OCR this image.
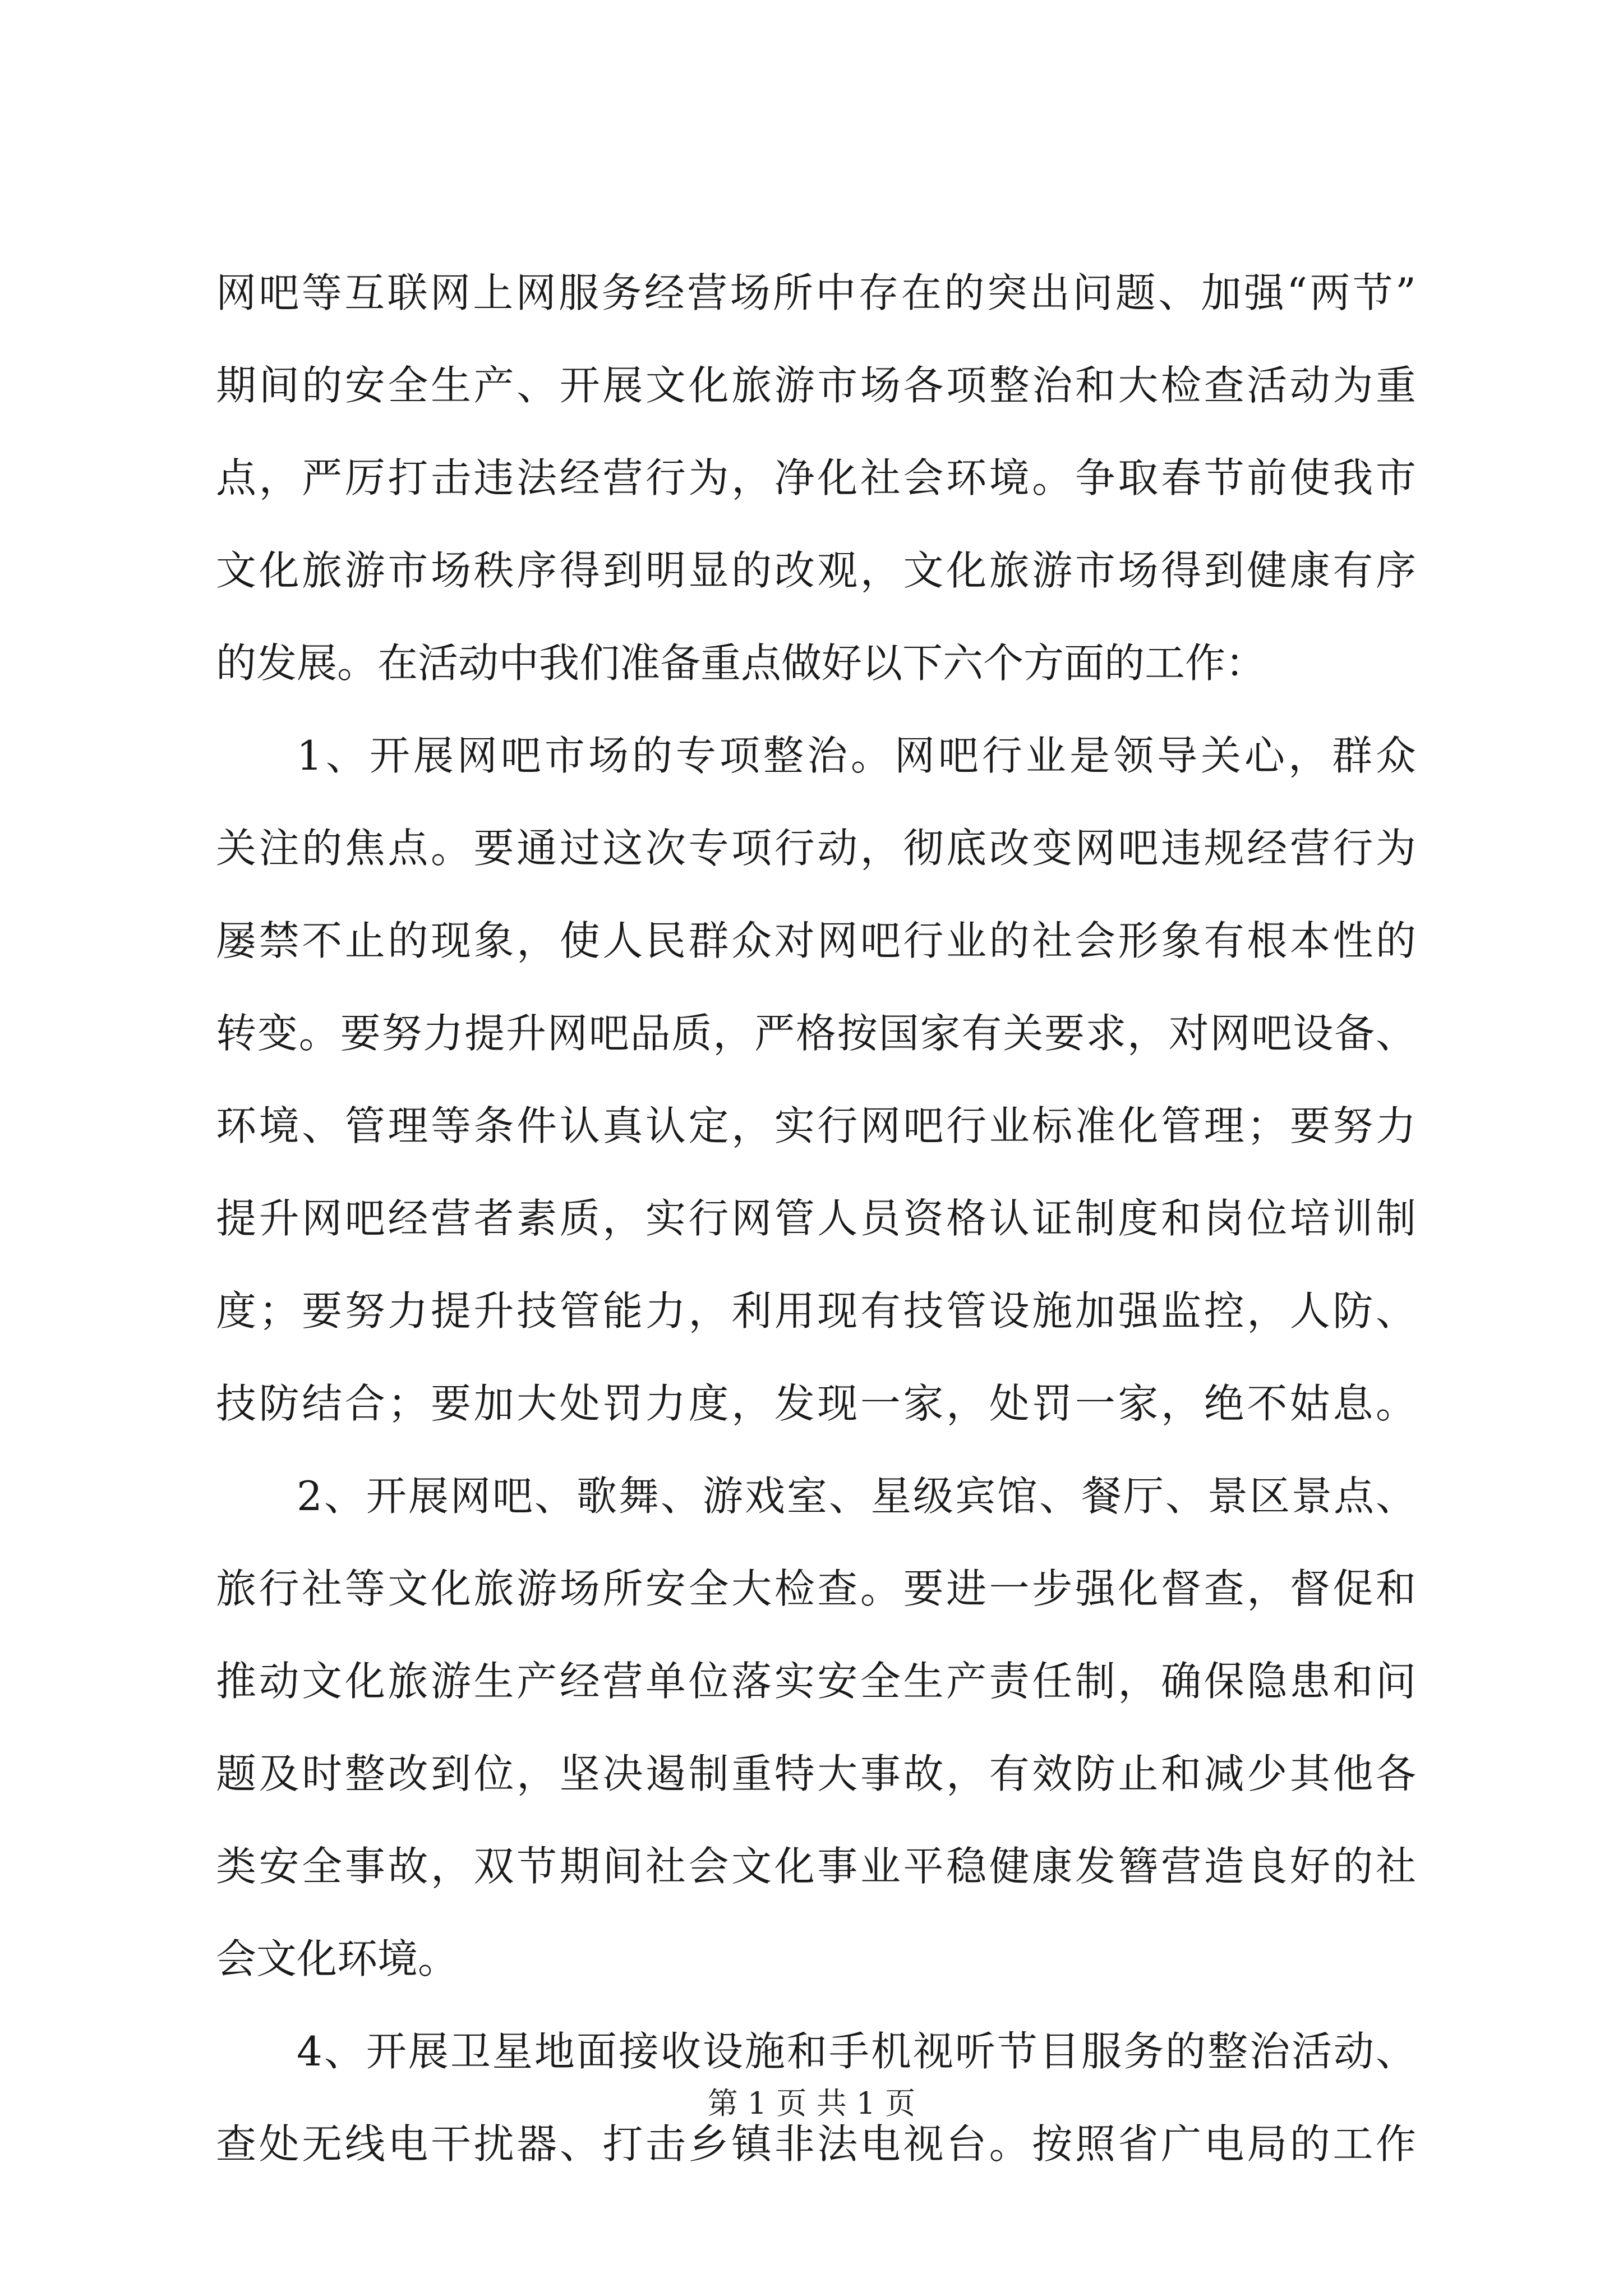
网吧等互联网上网服务经营场所中存在的突出问题、加强“两节”
期间的安全生产、开展文化旅游市场各项整治和大检查活动为重
点，严厉打击违法经营行为，净化社会环境。争取春节前使我市
文化旅游市场秩序得到明显的改观，文化旅游市场得到健康有序
的发展。在活动中我们准备重点做好以下六个方面的工作：
1、开展网吧市场的专项整治。网吧行业是领导关心，群众
关注的焦点。要通过这次专项行动，彻底改变网吧违规经营行为
屡禁不止的现象，使人民群众对网吧行业的社会形象有根本性的
转变。要努力提升网吧品质，严格按国家有关要求，对网吧设备、
环境、管理等条件认真认定，实行网吧行业标准化管理；要努力
提升网吧经营者素质，实行网管人员资格认证制度和岗位培训制
度；要努力提升技管能力，利用现有技管设施加强监控，人防、
技防结合；要加大处罚力度，发现一家，处罚一家，绝不姑息。
2、开展网吧、歌舞、游戏室、星级宾馆、餐厅、景区景点、
旅行社等文化旅游场所安全大检查。要进一步强化督查，督促和
推动文化旅游生产经营单位落实安全生产责任制，确保隐患和问
题及时整改到位，坚决遏制重特大事故，有效防止和减少其他各
类安全事故，双节期间社会文化事业平稳健康发簪营造良好的社
会文化环境。
4、开展卫星地面接收设施和手机视听节目服务的整治活动、
查处无线电干扰器、打击乡镇非法电视台。按照省广电局的工作
第 1 页 共 1 页
